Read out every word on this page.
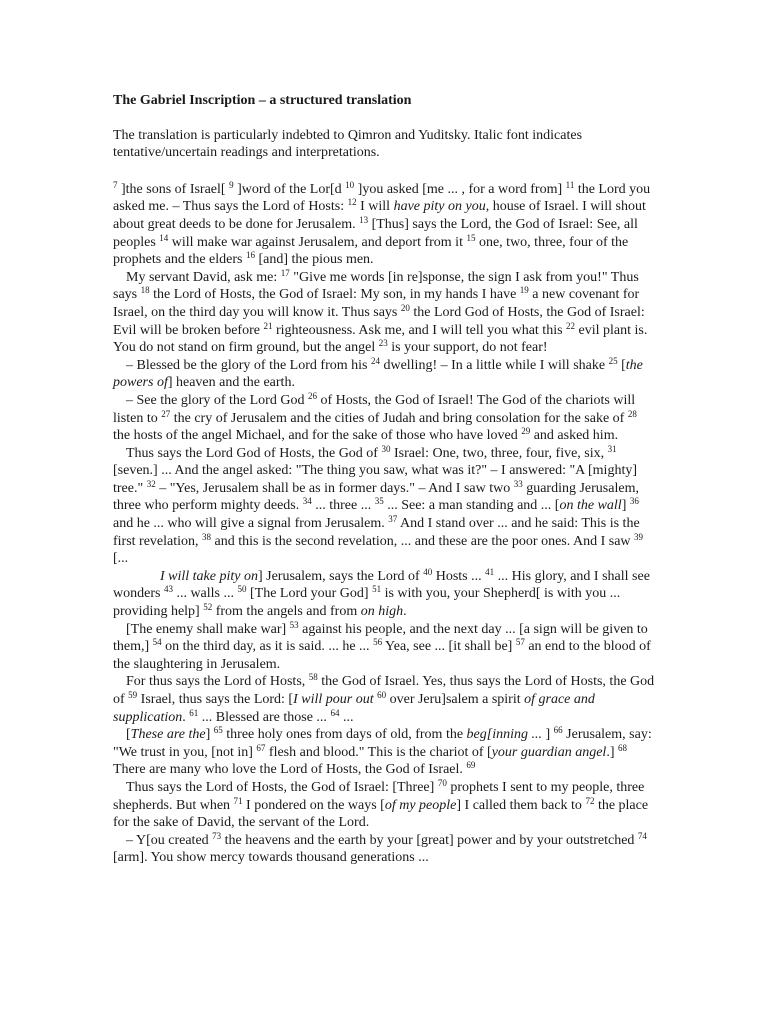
The Gabriel Inscription – a structured translation
The translation is particularly indebted to Qimron and Yuditsky. Italic font indicates tentative/uncertain readings and interpretations.

$^7$ ]the sons of Israel[ $^9$ ]word of the Lor[d $^{10}$ ]you asked [me ... , for a word from] $^{11}$ the Lord you asked me. – Thus says the Lord of Hosts: $^{12}$ I will have pity on you, house of Israel. I will shout about great deeds to be done for Jerusalem. $^{13}$ [Thus] says the Lord, the God of Israel: See, all peoples $^{14}$ will make war against Jerusalem, and deport from it $^{15}$ one, two, three, four of the prophets and the elders $^{16}$ [and] the pious men.

My servant David, ask me: $^{17}$ "Give me words [in re]sponse, the sign I ask from you!" Thus says $^{18}$ the Lord of Hosts, the God of Israel: My son, in my hands I have $^{19}$ a new covenant for Israel, on the third day you will know it. Thus says $^{20}$ the Lord God of Hosts, the God of Israel: Evil will be broken before $^{21}$ righteousness. Ask me, and I will tell you what this $^{22}$ evil plant is. You do not stand on firm ground, but the angel $^{23}$ is your support, do not fear!

– Blessed be the glory of the Lord from his $^{24}$ dwelling! – In a little while I will shake $^{25}$ [the powers of] heaven and the earth.

– See the glory of the Lord God $^{26}$ of Hosts, the God of Israel! The God of the chariots will listen to $^{27}$ the cry of Jerusalem and the cities of Judah and bring consolation for the sake of $^{28}$ the hosts of the angel Michael, and for the sake of those who have loved $^{29}$ and asked him.

Thus says the Lord God of Hosts, the God of $^{30}$ Israel: One, two, three, four, five, six, $^{31}$ [seven.] ... And the angel asked: "The thing you saw, what was it?" – I answered: "A [mighty] tree." $^{32}$ – "Yes, Jerusalem shall be as in former days." – And I saw two $^{33}$ guarding Jerusalem, three who perform mighty deeds. $^{34}$ ... three ... $^{35}$ ... See: a man standing and ... [on the wall] $^{36}$ and he ... who will give a signal from Jerusalem. $^{37}$ And I stand over ... and he said: This is the first revelation, $^{38}$ and this is the second revelation, ... and these are the poor ones. And I saw $^{39}$ [...

I will take pity on] Jerusalem, says the Lord of $^{40}$ Hosts ... $^{41}$ ... His glory, and I shall see wonders $^{43}$ ... walls ... $^{50}$ [The Lord your God] $^{51}$ is with you, your Shepherd[ is with you ... providing help] $^{52}$ from the angels and from on high.

[The enemy shall make war] $^{53}$ against his people, and the next day ... [a sign will be given to them,] $^{54}$ on the third day, as it is said. ... he ... $^{56}$ Yea, see ... [it shall be] $^{57}$ an end to the blood of the slaughtering in Jerusalem.

For thus says the Lord of Hosts, $^{58}$ the God of Israel. Yes, thus says the Lord of Hosts, the God of $^{59}$ Israel, thus says the Lord: [I will pour out $^{60}$ over Jeru]salem a spirit of grace and supplication. $^{61}$ ... Blessed are those ... $^{64}$ ...

[These are the] $^{65}$ three holy ones from days of old, from the beg[inning ... ] $^{66}$ Jerusalem, say: "We trust in you, [not in] $^{67}$ flesh and blood." This is the chariot of [your guardian angel.] $^{68}$ There are many who love the Lord of Hosts, the God of Israel. $^{69}$

Thus says the Lord of Hosts, the God of Israel: [Three] $^{70}$ prophets I sent to my people, three shepherds. But when $^{71}$ I pondered on the ways [of my people] I called them back to $^{72}$ the place for the sake of David, the servant of the Lord.

– Y[ou created $^{73}$ the heavens and the earth by your [great] power and by your outstretched $^{74}$ [arm]. You show mercy towards thousand generations ...
